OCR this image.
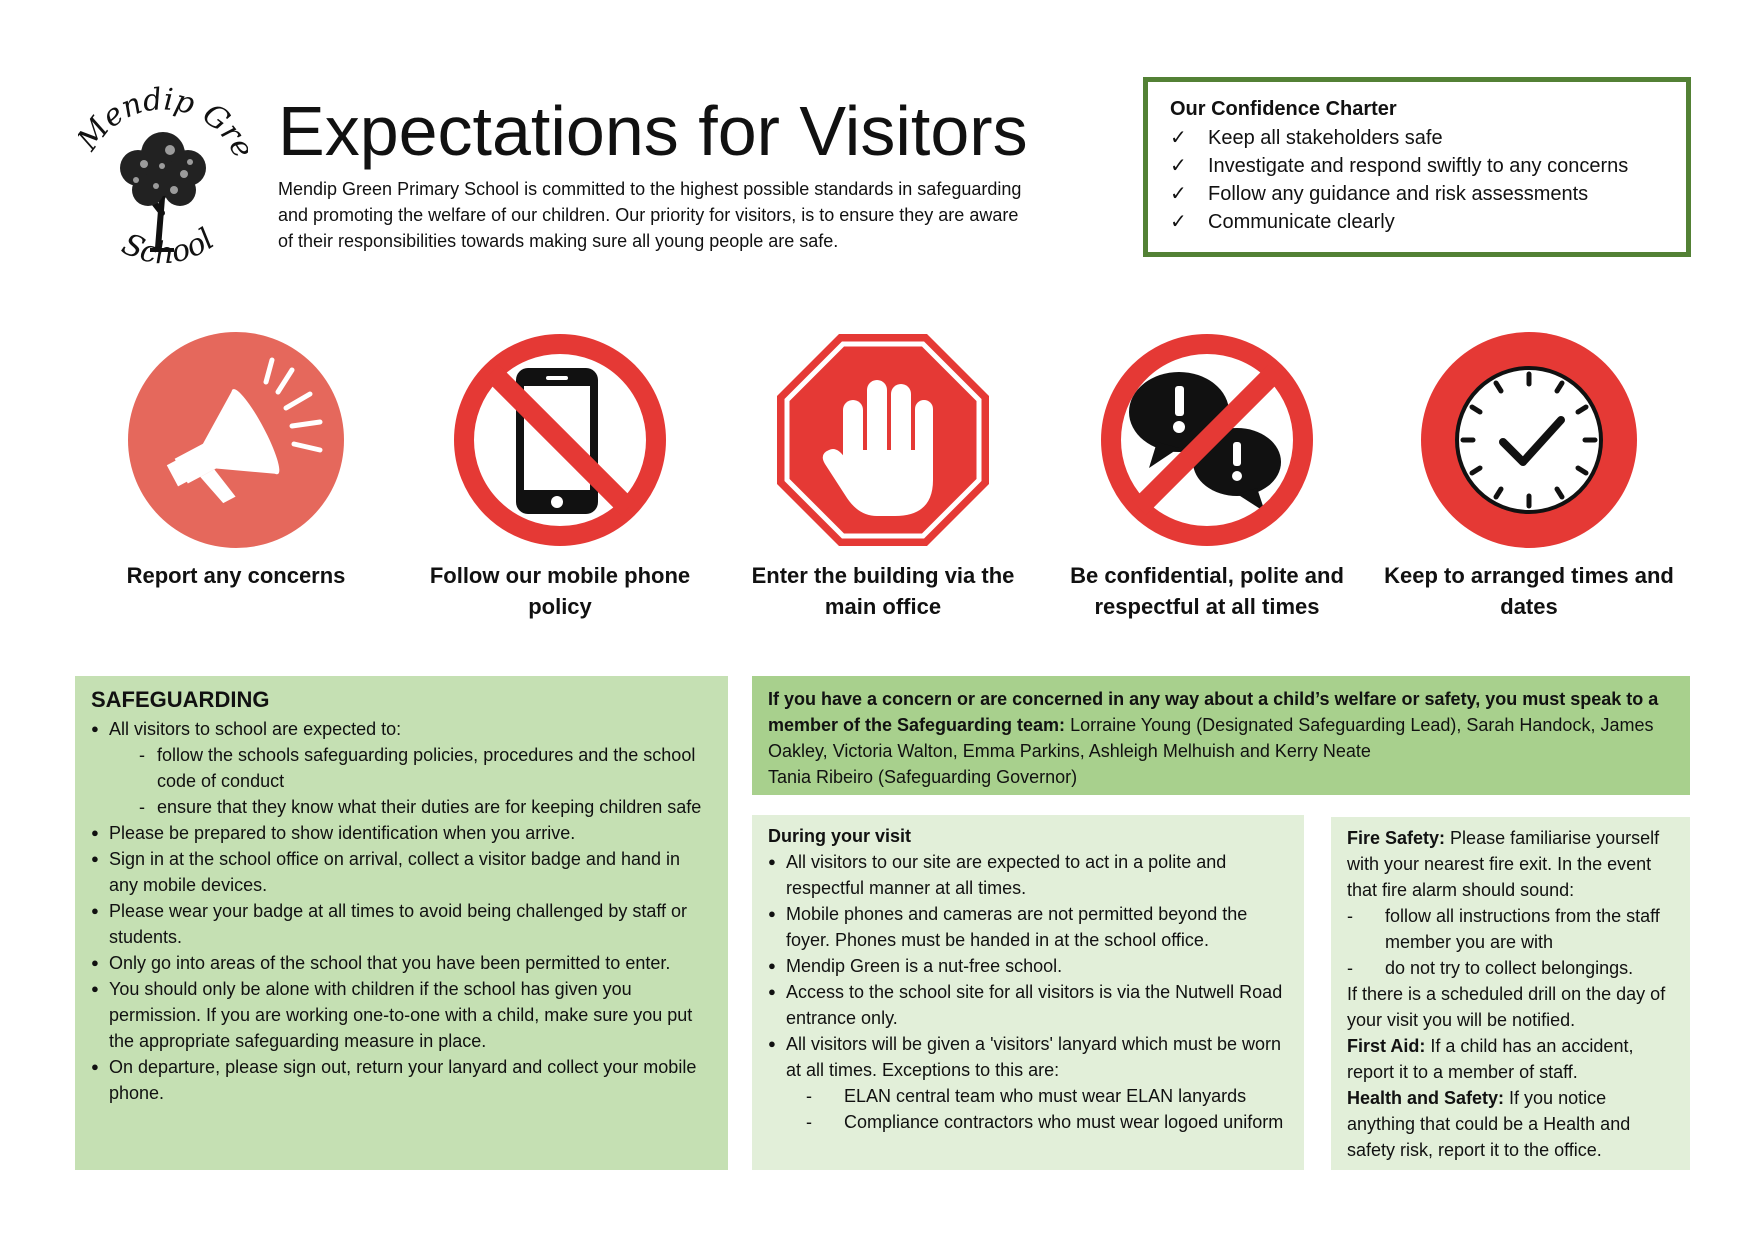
endip Gr
School
Expectations for Visitors
Mendip Green Primary School is committed to the highest possible standards in safeguarding and promoting the welfare of our children. Our priority for visitors, is to ensure they are aware of their responsibilities towards making sure all young people are safe.
Our Confidence Charter
✓	Keep all stakeholders safe
✓	Investigate and respond swiftly to any concerns
✓	Follow any guidance and risk assessments
✓	Communicate clearly
Report any concerns	Follow our mobile phone policy
Enter the building via the main office
Be confidential, polite and respectful at all times
Keep to arranged times and dates
SAFEGUARDING
● All visitors to school are expected to:
- follow the schools safeguarding policies, procedures and the school code of conduct
- ensure that they know what their duties are for keeping children safe
● Please be prepared to show identification when you arrive.
● Sign in at the school office on arrival, collect a visitor badge and hand in any mobile devices.
● Please wear your badge at all times to avoid being challenged by staff or students.
● Only go into areas of the school that you have been permitted to enter.
● You should only be alone with children if the school has given you permission. If you are working one-to-one with a child, make sure you put the appropriate safeguarding measure in place.
● On departure, please sign out, return your lanyard and collect your mobile phone.
If you have a concern or are concerned in any way about a child’s welfare or safety, you must speak to a member of the Safeguarding team: Lorraine Young (Designated Safeguarding Lead), Sarah Handock, James Oakley, Victoria Walton, Emma Parkins, Ashleigh Melhuish and Kerry Neate
Tania Ribeiro (Safeguarding Governor)
During your visit
● All visitors to our site are expected to act in a polite and respectful manner at all times.
● Mobile phones and cameras are not permitted beyond the foyer. Phones must be handed in at the school office.
● Mendip Green is a nut-free school.
● Access to the school site for all visitors is via the Nutwell Road entrance only.
● All visitors will be given a 'visitors' lanyard which must be worn at all times. Exceptions to this are:
- ELAN central team who must wear ELAN lanyards
- Compliance contractors who must wear logoed uniform

Fire Safety: Please familiarise yourself with your nearest fire exit. In the event that fire alarm should sound:

- follow all instructions from the staff member you are with
- do not try to collect belongings.

If there is a scheduled drill on the day of your visit you will be notified.

First Aid: If a child has an accident, report it to a member of staff.

Health and Safety: If you notice anything that could be a Health and safety risk, report it to the office.
